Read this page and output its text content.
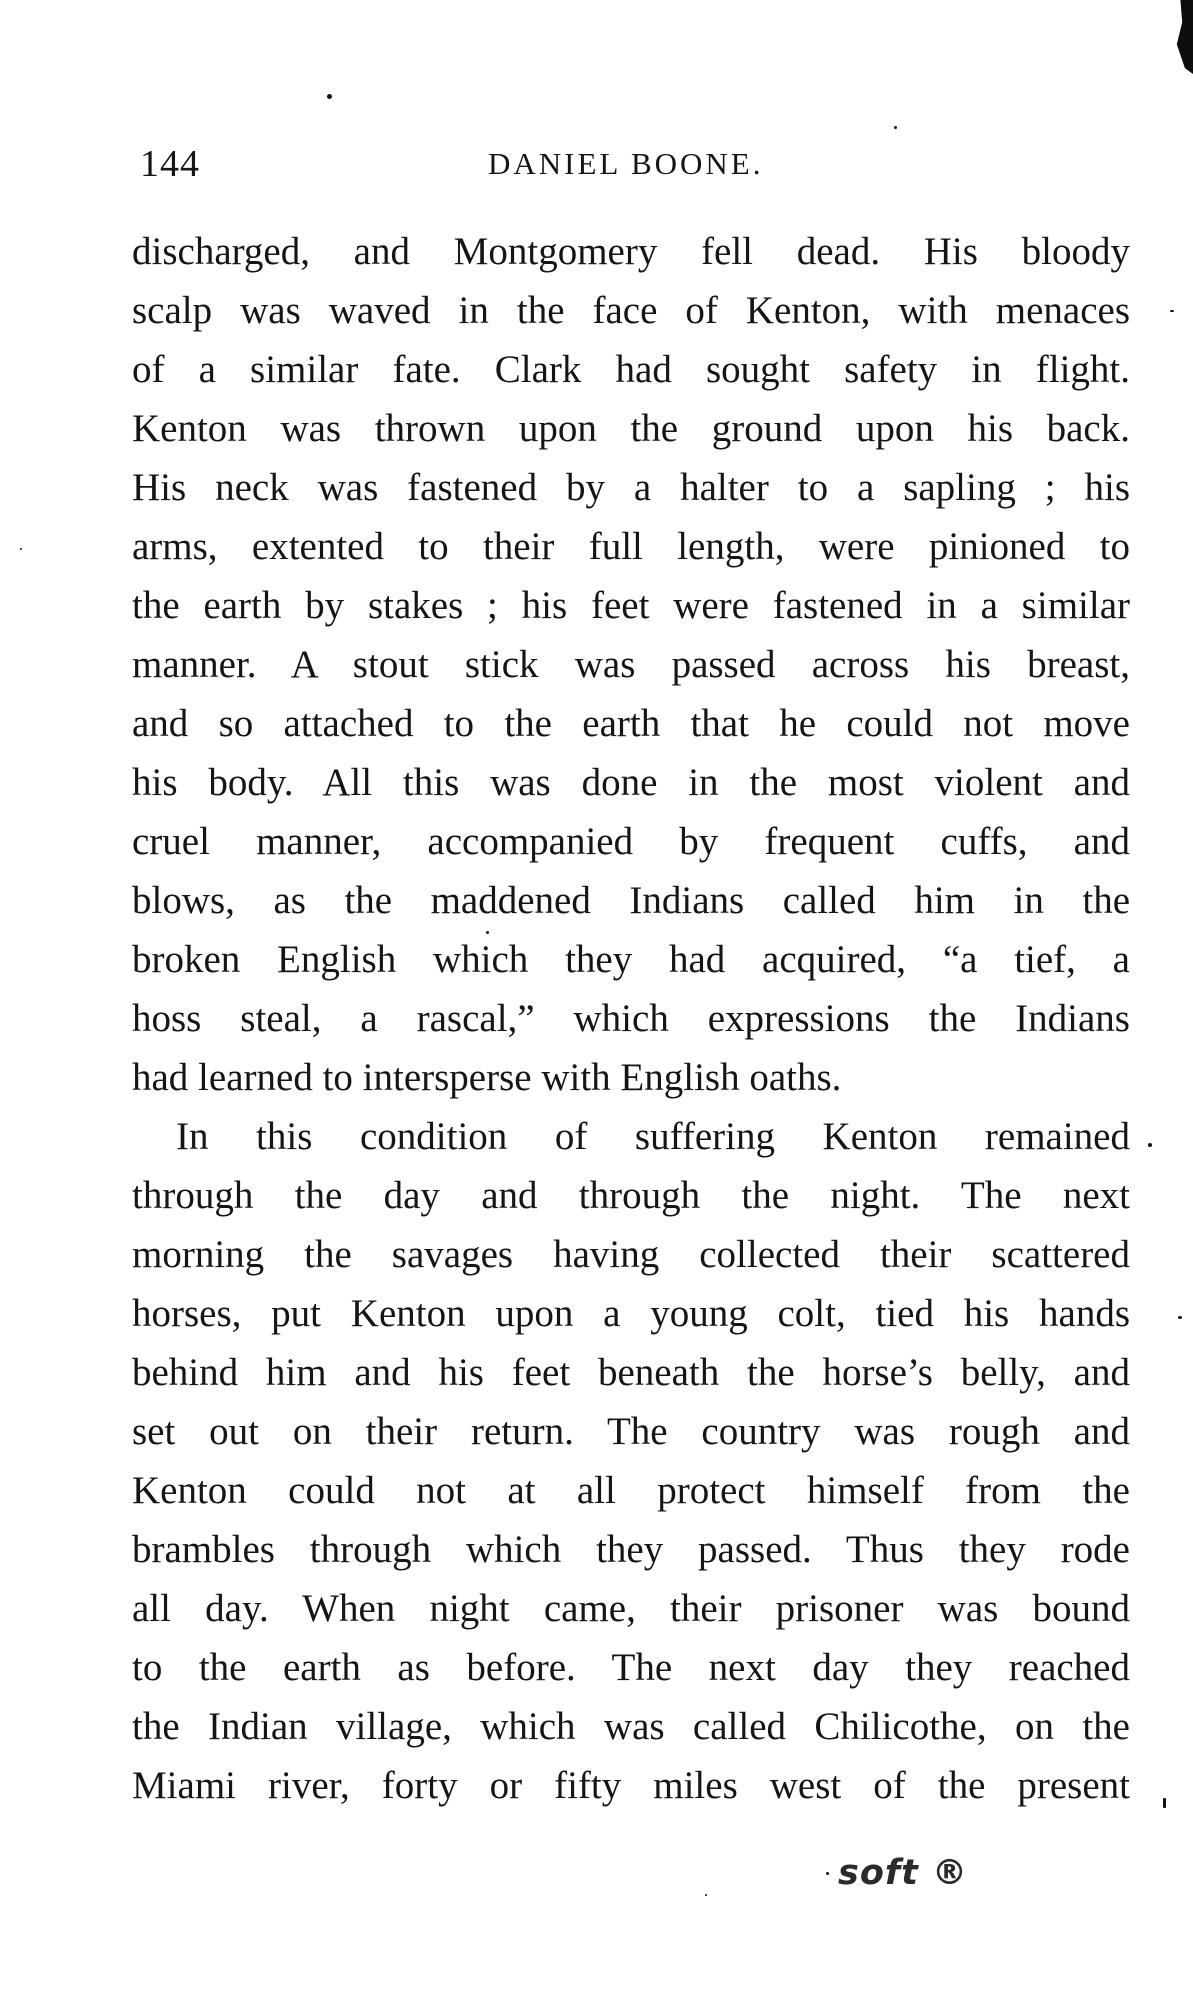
144	DANIEL BOONE.
discharged, and Montgomery fell dead. His bloody
scalp was waved in the face of Kenton, with menaces
of a similar fate. Clark had sought safety in flight.
Kenton was thrown upon the ground upon his back.
His neck was fastened by a halter to a sapling ; his
arms, extented to their full length, were pinioned to
the earth by stakes ; his feet were fastened in a similar
manner. A stout stick was passed across his breast,
and so attached to the earth that he could not move
his body. All this was done in the most violent and
cruel manner, accompanied by frequent cuffs, and
blows, as the maddened Indians called him in the
broken English which they had acquired, “a tief, a
hoss steal, a rascal,” which expressions the Indians
had learned to intersperse with English oaths.
In this condition of suffering Kenton remained
through the day and through the night. The next
morning the savages having collected their scattered
horses, put Kenton upon a young colt, tied his hands
behind him and his feet beneath the horse’s belly, and
set out on their return. The country was rough and
Kenton could not at all protect himself from the
brambles through which they passed. Thus they rode
all day. When night came, their prisoner was bound
to the earth as before. The next day they reached
the Indian village, which was called Chilicothe, on the
Miami river, forty or fifty miles west of the present
soft ®
